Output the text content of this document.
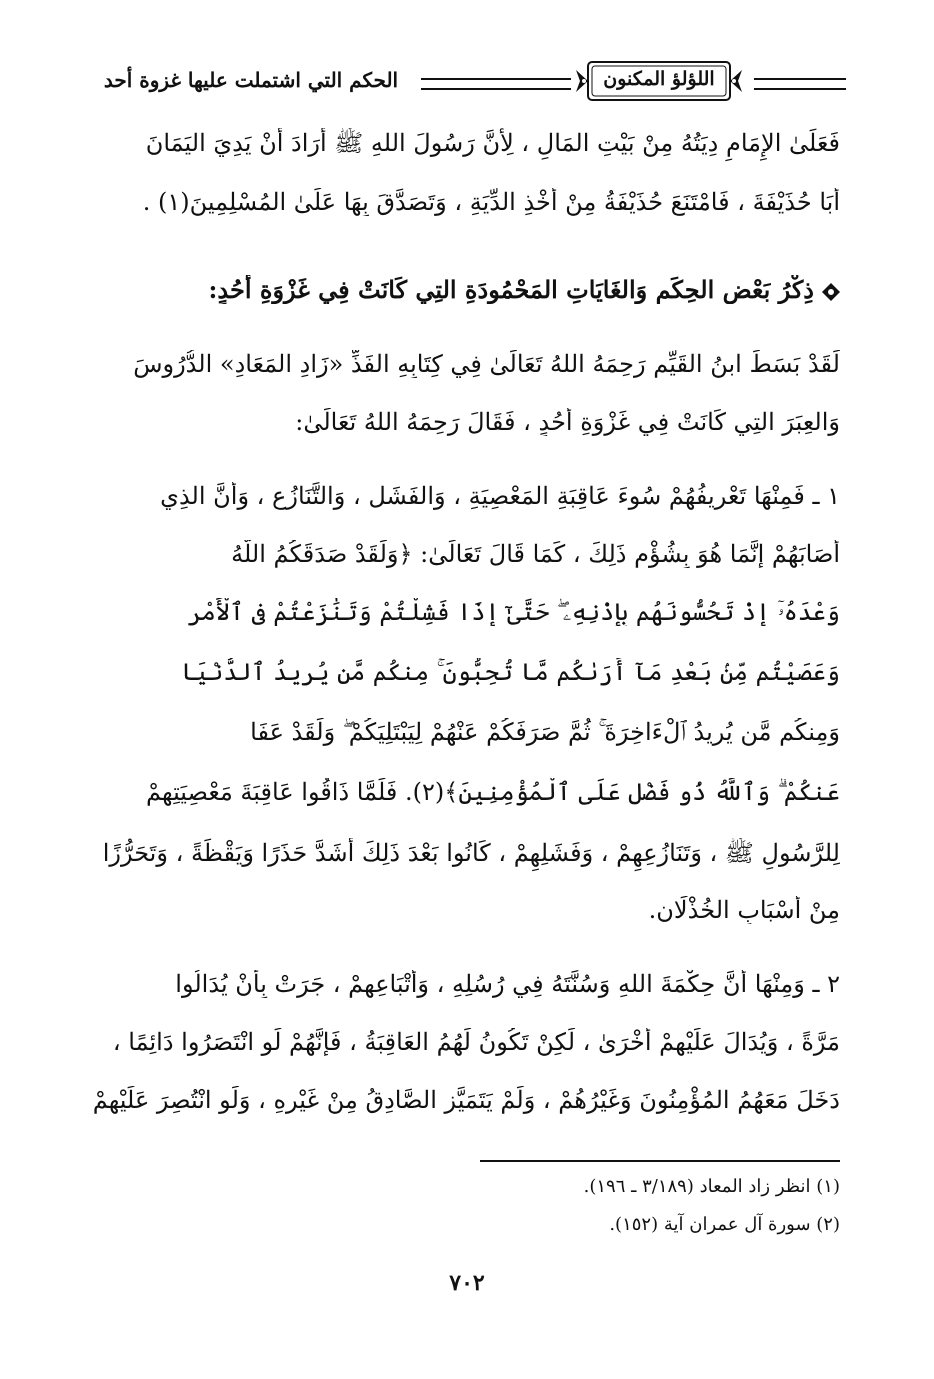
الحكم التي اشتملت عليها غزوة أحد	اللؤلؤ المكنون
فَعَلَىٰ الإِمَامِ دِيَتُهُ مِنْ بَيْتِ المَالِ ، لِأَنَّ رَسُولَ اللهِ ﷺ أَرَادَ أَنْ يَدِيَ اليَمَانَ
أَبَا حُذَيْفَةَ ، فَامْتَنَعَ حُذَيْفَةُ مِنْ أَخْذِ الدِّيَةِ ، وَتَصَدَّقَ بِهَا عَلَىٰ المُسْلِمِينَ(١) .
ذِكْرُ بَعْضِ الحِكَمِ وَالغَايَاتِ المَحْمُودَةِ التِي كَانَتْ فِي غَزْوَةِ أُحُدٍ:
لَقَدْ بَسَطَ ابنُ القَيِّمِ رَحِمَهُ اللهُ تَعَالَىٰ فِي كِتَابِهِ الفَذِّ «زَادِ المَعَادِ» الدُّرُوسَ
وَالعِبَرَ التِي كَانَتْ فِي غَزْوَةِ أُحُدٍ ، فَقَالَ رَحِمَهُ اللهُ تَعَالَىٰ:
١ ـ فَمِنْهَا تَعْرِيفُهُمْ سُوءَ عَاقِبَةِ المَعْصِيَةِ ، وَالفَشَلِ ، وَالتَّنَازُعِ ، وَأَنَّ الذِي
أَصَابَهُمْ إِنَّمَا هُوَ بِشُؤْمِ ذَلِكَ ، كَمَا قَالَ تَعَالَىٰ: ﴿وَلَقَدْ صَدَقَكُمُ اللَّهُ
وَعْدَهُۥٓ إِذْ تَحُسُّونَهُم بِإِذْنِهِۦ ۖ حَتَّىٰٓ إِذَا فَشِلْتُمْ وَتَنَٰزَعْتُمْ فِى ٱلْأَمْرِ
وَعَصَيْتُم مِّنۢ بَعْدِ مَآ أَرَىٰكُم مَّا تُحِبُّونَ ۚ مِنكُم مَّن يُرِيدُ ٱلدُّنْيَا
وَمِنكُم مَّن يُرِيدُ ٱلْءَاخِرَةَ ۚ ثُمَّ صَرَفَكُمْ عَنْهُمْ لِيَبْتَلِيَكُمْ ۖ وَلَقَدْ عَفَا
عَنكُمْ ۗ وَٱللَّهُ ذُو فَضْلٍ عَلَى ٱلْمُؤْمِنِينَ﴾(٢). فَلَمَّا ذَاقُوا عَاقِبَةَ مَعْصِيَتِهِمْ
لِلرَّسُولِ ﷺ ، وَتَنَازُعِهِمْ ، وَفَشَلِهِمْ ، كَانُوا بَعْدَ ذَلِكَ أَشَدَّ حَذَرًا وَيَقْظَةً ، وَتَحَرُّزًا
مِنْ أَسْبَابِ الخُذْلَانِ.
٢ ـ وَمِنْهَا أَنَّ حِكْمَةَ اللهِ وَسُنَّتَهُ فِي رُسُلِهِ ، وَأَتْبَاعِهِمْ ، جَرَتْ بِأَنْ يُدَالُوا
مَرَّةً ، وَيُدَالَ عَلَيْهِمْ أُخْرَىٰ ، لَكِنْ تَكُونُ لَهُمُ العَاقِبَةُ ، فَإِنَّهُمْ لَوِ انْتَصَرُوا دَائِمًا ،
دَخَلَ مَعَهُمُ المُؤْمِنُونَ وَغَيْرُهُمْ ، وَلَمْ يَتَمَيَّزِ الصَّادِقُ مِنْ غَيْرِهِ ، وَلَوِ انْتُصِرَ عَلَيْهِمْ
(١) انظر زاد المعاد (٣/١٨٩ ـ ١٩٦).
(٢) سورة آل عمران آية (١٥٢).
٧٠٢
